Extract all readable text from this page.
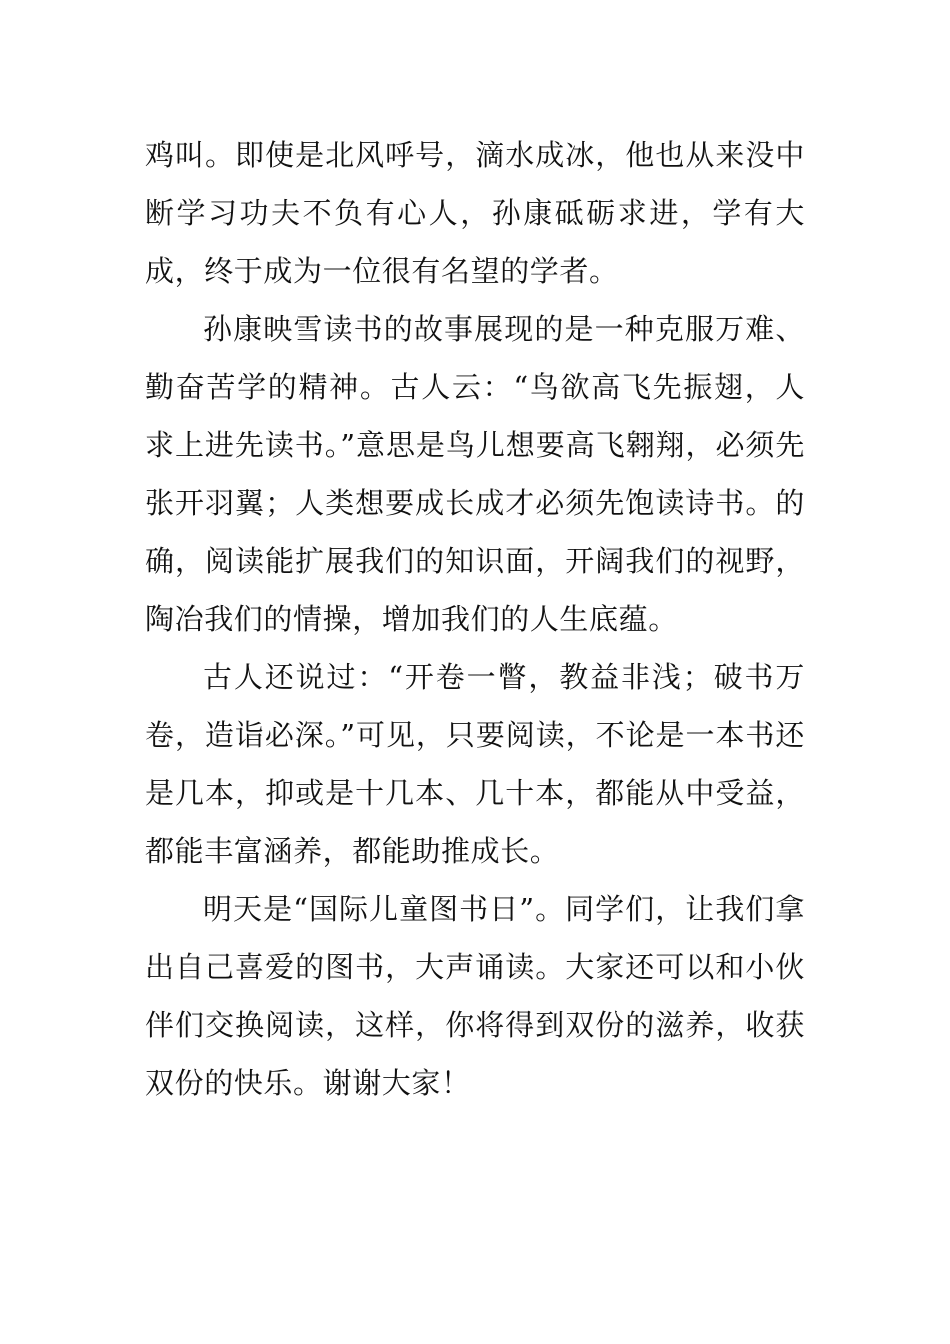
鸡叫。即使是北风呼号，滴水成冰，他也从来没中断学习功夫不负有心人，孙康砥砺求进，学有大成，终于成为一位很有名望的学者。

孙康映雪读书的故事展现的是一种克服万难、勤奋苦学的精神。古人云：“鸟欲高飞先振翅，人求上进先读书。”意思是鸟儿想要高飞翱翔，必须先张开羽翼；人类想要成长成才必须先饱读诗书。的确，阅读能扩展我们的知识面，开阔我们的视野，陶冶我们的情操，增加我们的人生底蕴。

古人还说过：“开卷一瞥，教益非浅；破书万卷，造诣必深。”可见，只要阅读，不论是一本书还是几本，抑或是十几本、几十本，都能从中受益，都能丰富涵养，都能助推成长。

明天是“国际儿童图书日”。同学们，让我们拿出自己喜爱的图书，大声诵读。大家还可以和小伙伴们交换阅读，这样，你将得到双份的滋养，收获双份的快乐。谢谢大家！
